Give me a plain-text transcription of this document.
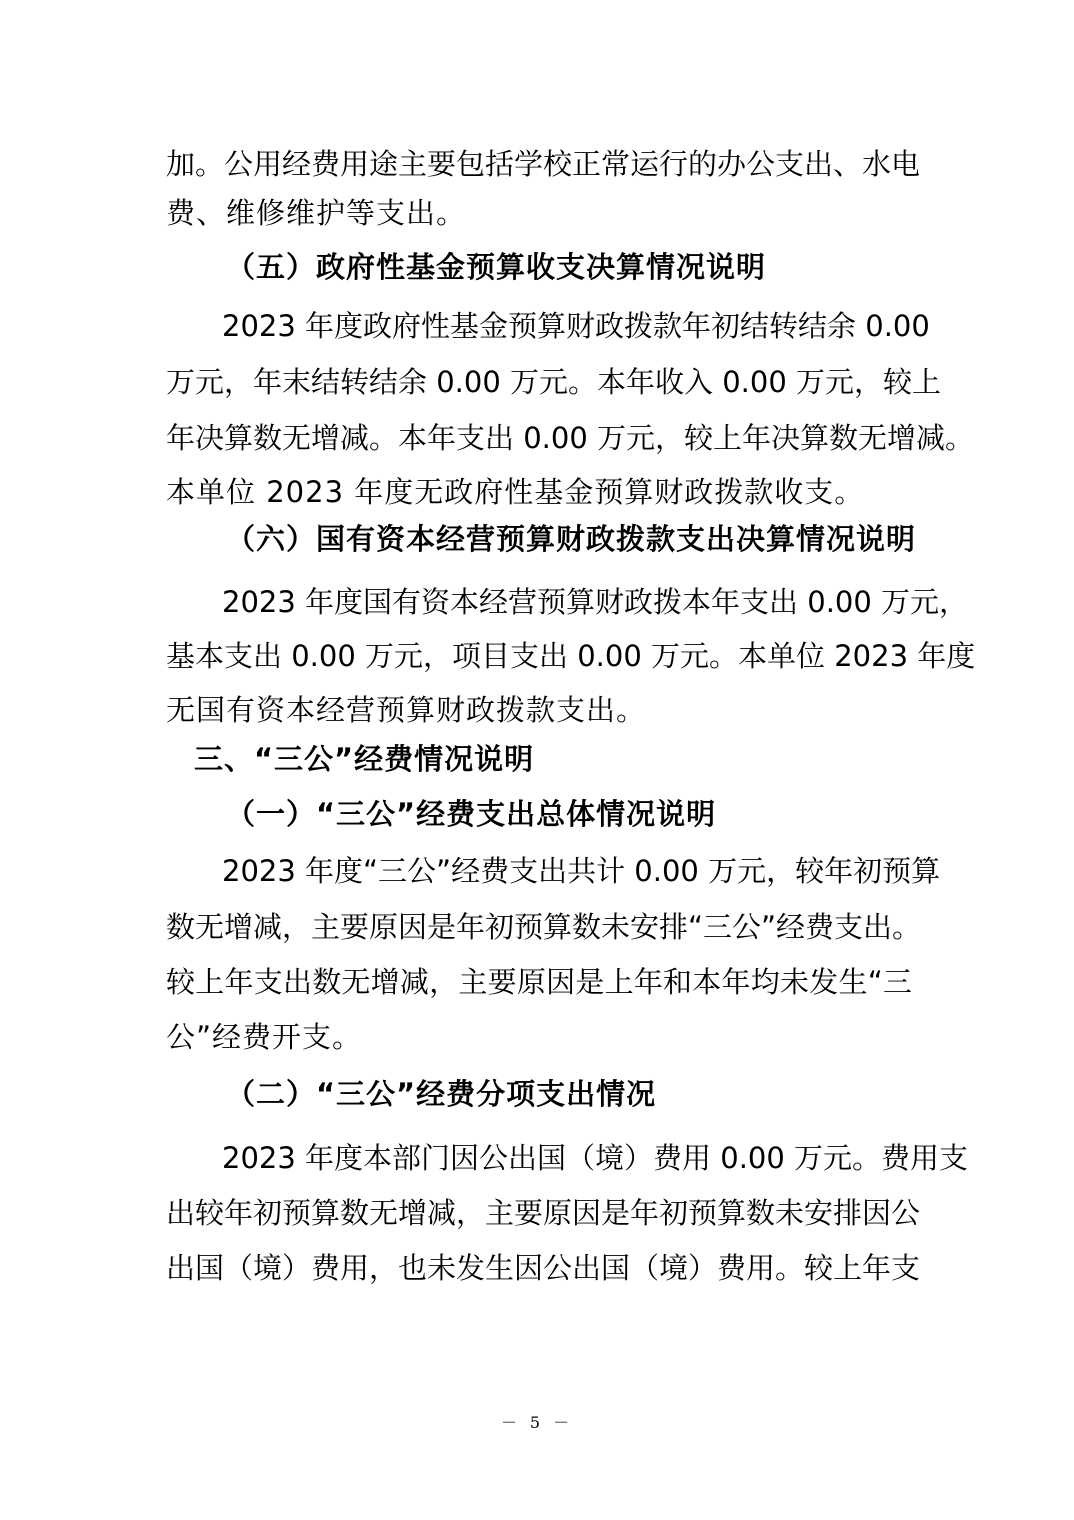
加。公用经费用途主要包括学校正常运行的办公支出、水电
费、维修维护等支出。
（五）政府性基金预算收支决算情况说明
2023 年度政府性基金预算财政拨款年初结转结余 0.00
万元，年末结转结余 0.00 万元。本年收入 0.00 万元，较上
年决算数无增减。本年支出 0.00 万元，较上年决算数无增减。
本单位 2023 年度无政府性基金预算财政拨款收支。
（六）国有资本经营预算财政拨款支出决算情况说明
2023 年度国有资本经营预算财政拨本年支出 0.00 万元，
基本支出 0.00 万元，项目支出 0.00 万元。本单位 2023 年度
无国有资本经营预算财政拨款支出。
三、“三公”经费情况说明
（一）“三公”经费支出总体情况说明
2023 年度“三公”经费支出共计 0.00 万元，较年初预算
数无增减，主要原因是年初预算数未安排“三公”经费支出。
较上年支出数无增减，主要原因是上年和本年均未发生“三
公”经费开支。
（二）“三公”经费分项支出情况
2023 年度本部门因公出国（境）费用 0.00 万元。费用支
出较年初预算数无增减，主要原因是年初预算数未安排因公
出国（境）费用，也未发生因公出国（境）费用。较上年支
－ 5 －
